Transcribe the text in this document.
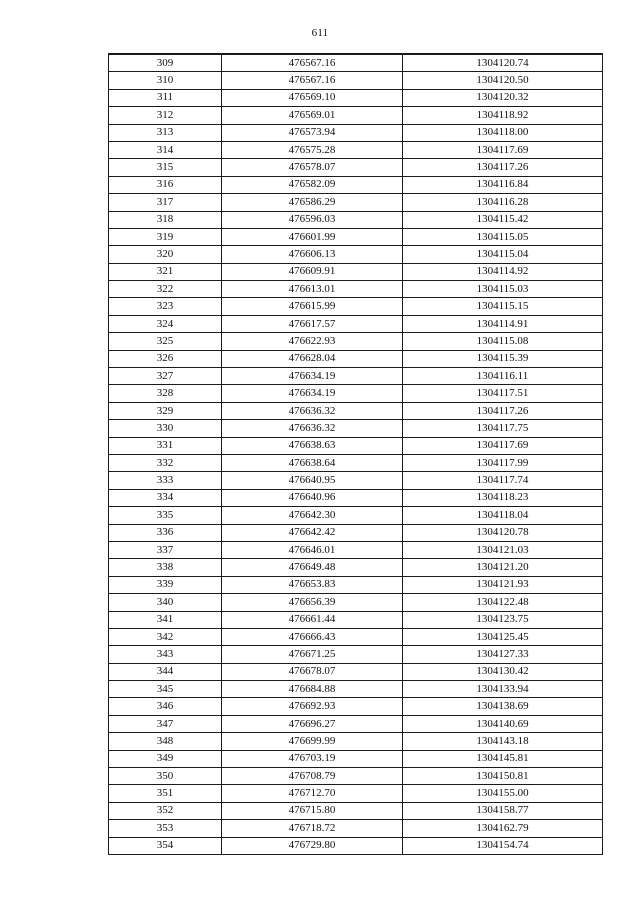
611
309	476567.16	1304120.74
310	476567.16	1304120.50
311	476569.10	1304120.32
312	476569.01	1304118.92
313	476573.94	1304118.00
314	476575.28	1304117.69
315	476578.07	1304117.26
316	476582.09	1304116.84
317	476586.29	1304116.28
318	476596.03	1304115.42
319	476601.99	1304115.05
320	476606.13	1304115.04
321	476609.91	1304114.92
322	476613.01	1304115.03
323	476615.99	1304115.15
324	476617.57	1304114.91
325	476622.93	1304115.08
326	476628.04	1304115.39
327	476634.19	1304116.11
328	476634.19	1304117.51
329	476636.32	1304117.26
330	476636.32	1304117.75
331	476638.63	1304117.69
332	476638.64	1304117.99
333	476640.95	1304117.74
334	476640.96	1304118.23
335	476642.30	1304118.04
336	476642.42	1304120.78
337	476646.01	1304121.03
338	476649.48	1304121.20
339	476653.83	1304121.93
340	476656.39	1304122.48
341	476661.44	1304123.75
342	476666.43	1304125.45
343	476671.25	1304127.33
344	476678.07	1304130.42
345	476684.88	1304133.94
346	476692.93	1304138.69
347	476696.27	1304140.69
348	476699.99	1304143.18
349	476703.19	1304145.81
350	476708.79	1304150.81
351	476712.70	1304155.00
352	476715.80	1304158.77
353	476718.72	1304162.79
354	476729.80	1304154.74
